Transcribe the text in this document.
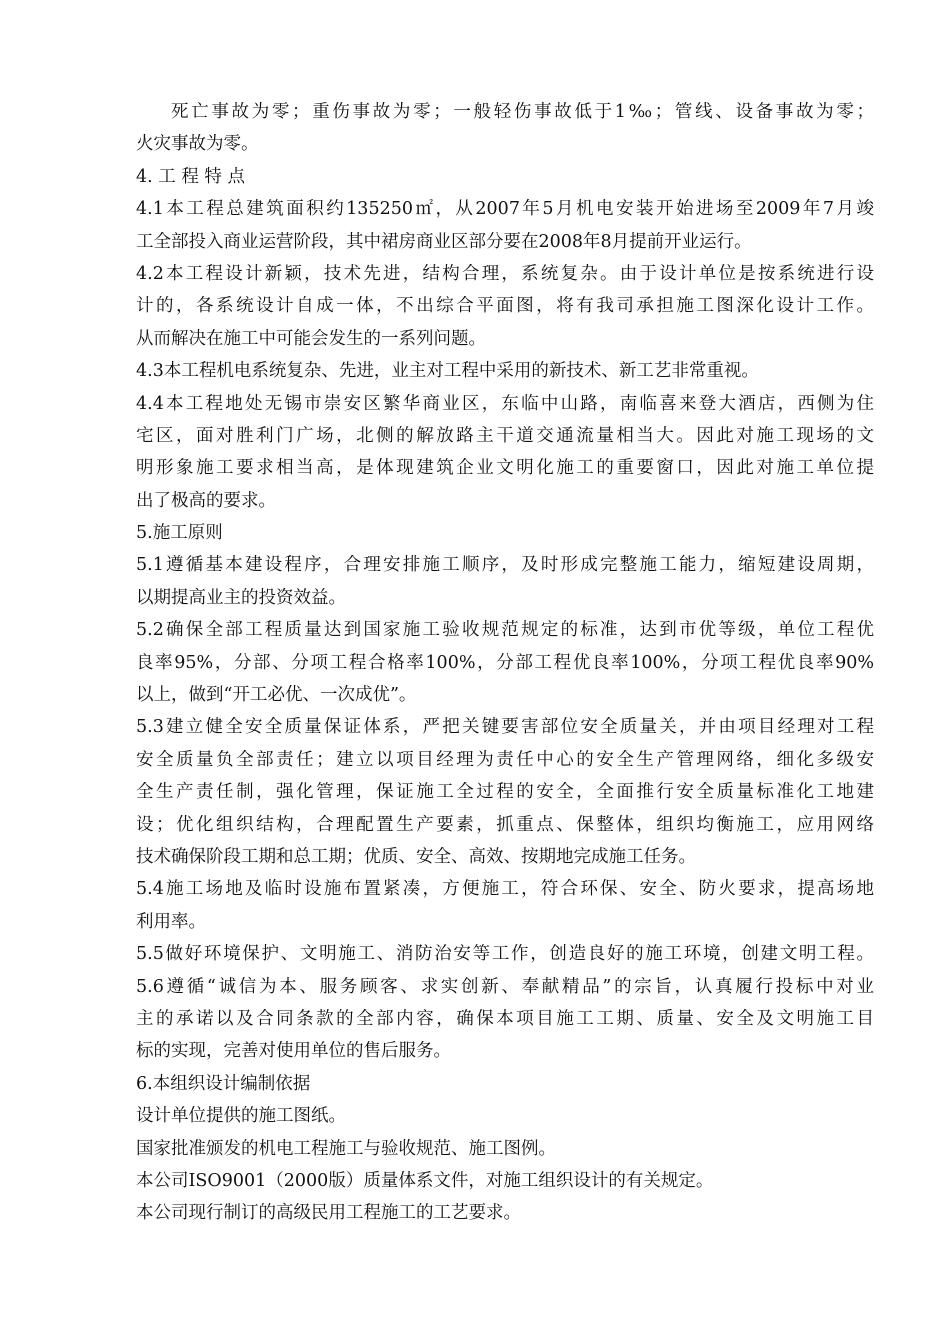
死亡事故为零；重伤事故为零；一般轻伤事故低于1‰；管线、设备事故为零；
火灾事故为零。
4. 工 程 特 点
4.1本工程总建筑面积约135250㎡，从2007年5月机电安装开始进场至2009年7月竣
工全部投入商业运营阶段，其中裙房商业区部分要在2008年8月提前开业运行。
4.2本工程设计新颖，技术先进，结构合理，系统复杂。由于设计单位是按系统进行设
计的，各系统设计自成一体，不出综合平面图，将有我司承担施工图深化设计工作。
从而解决在施工中可能会发生的一系列问题。
4.3本工程机电系统复杂、先进，业主对工程中采用的新技术、新工艺非常重视。
4.4本工程地处无锡市崇安区繁华商业区，东临中山路，南临喜来登大酒店，西侧为住
宅区，面对胜利门广场，北侧的解放路主干道交通流量相当大。因此对施工现场的文
明形象施工要求相当高，是体现建筑企业文明化施工的重要窗口，因此对施工单位提
出了极高的要求。
5.施工原则
5.1遵循基本建设程序，合理安排施工顺序，及时形成完整施工能力，缩短建设周期，
以期提高业主的投资效益。
5.2确保全部工程质量达到国家施工验收规范规定的标准，达到市优等级，单位工程优
良率95%，分部、分项工程合格率100%，分部工程优良率100%，分项工程优良率90%
以上，做到“开工必优、一次成优”。
5.3建立健全安全质量保证体系，严把关键要害部位安全质量关，并由项目经理对工程
安全质量负全部责任；建立以项目经理为责任中心的安全生产管理网络，细化多级安
全生产责任制，强化管理，保证施工全过程的安全，全面推行安全质量标准化工地建
设；优化组织结构，合理配置生产要素，抓重点、保整体，组织均衡施工，应用网络
技术确保阶段工期和总工期；优质、安全、高效、按期地完成施工任务。
5.4施工场地及临时设施布置紧凑，方便施工，符合环保、安全、防火要求，提高场地
利用率。
5.5做好环境保护、文明施工、消防治安等工作，创造良好的施工环境，创建文明工程。
5.6遵循“诚信为本、服务顾客、求实创新、奉献精品”的宗旨，认真履行投标中对业
主的承诺以及合同条款的全部内容，确保本项目施工工期、质量、安全及文明施工目
标的实现，完善对使用单位的售后服务。
6.本组织设计编制依据
设计单位提供的施工图纸。
国家批准颁发的机电工程施工与验收规范、施工图例。
本公司ISO9001（2000版）质量体系文件，对施工组织设计的有关规定。
本公司现行制订的高级民用工程施工的工艺要求。
